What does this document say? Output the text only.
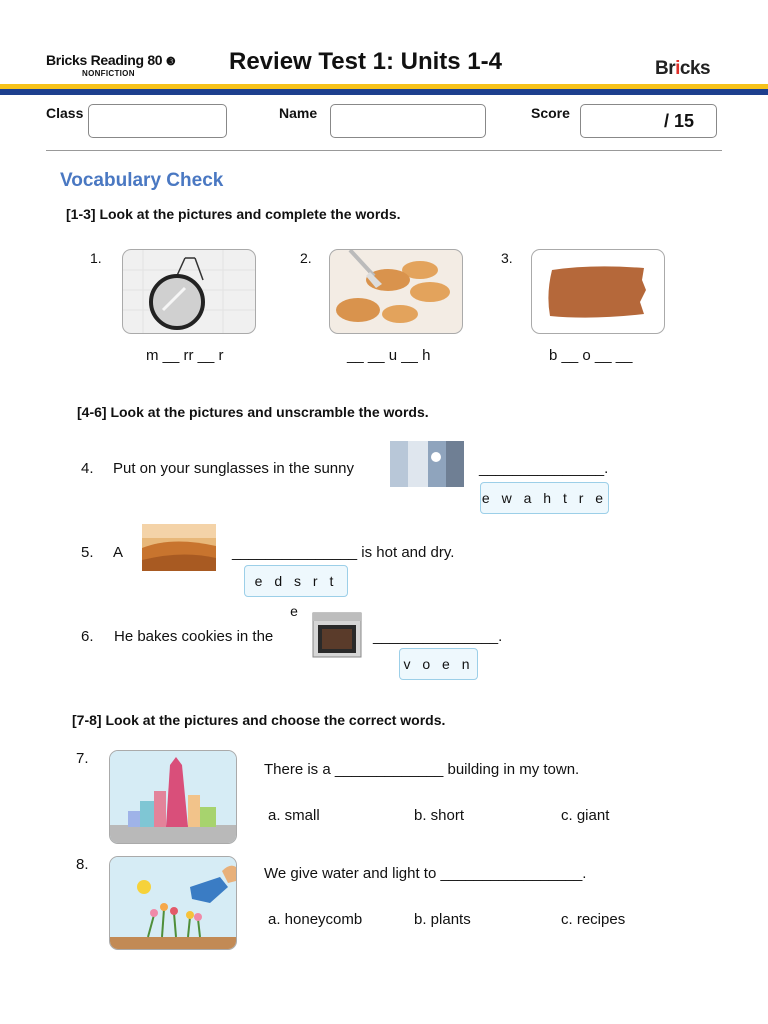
Bricks Reading 80 ❸
NONFICTION	Review Test 1: Units 1-4	Bricks
Class	Name	Score	/ 15
Vocabulary Check
[1-3] Look at the pictures and complete the words.
1.
m __ rr __ r
2.
__ __ u __ h
3.
b __ o __ __
[4-6] Look at the pictures and unscramble the words.
4. Put on your sunglasses in the sunny	_______________.
e w a h t r e
5. A	_______________ is hot and dry.
e d s r t e
6. He bakes cookies in the	_______________.
v o e n
[7-8] Look at the pictures and choose the correct words.
7.
There is a _____________ building in my town.
a. small	b. short	c. giant
8.
We give water and light to _________________.
a. honeycomb	b. plants	c. recipes
